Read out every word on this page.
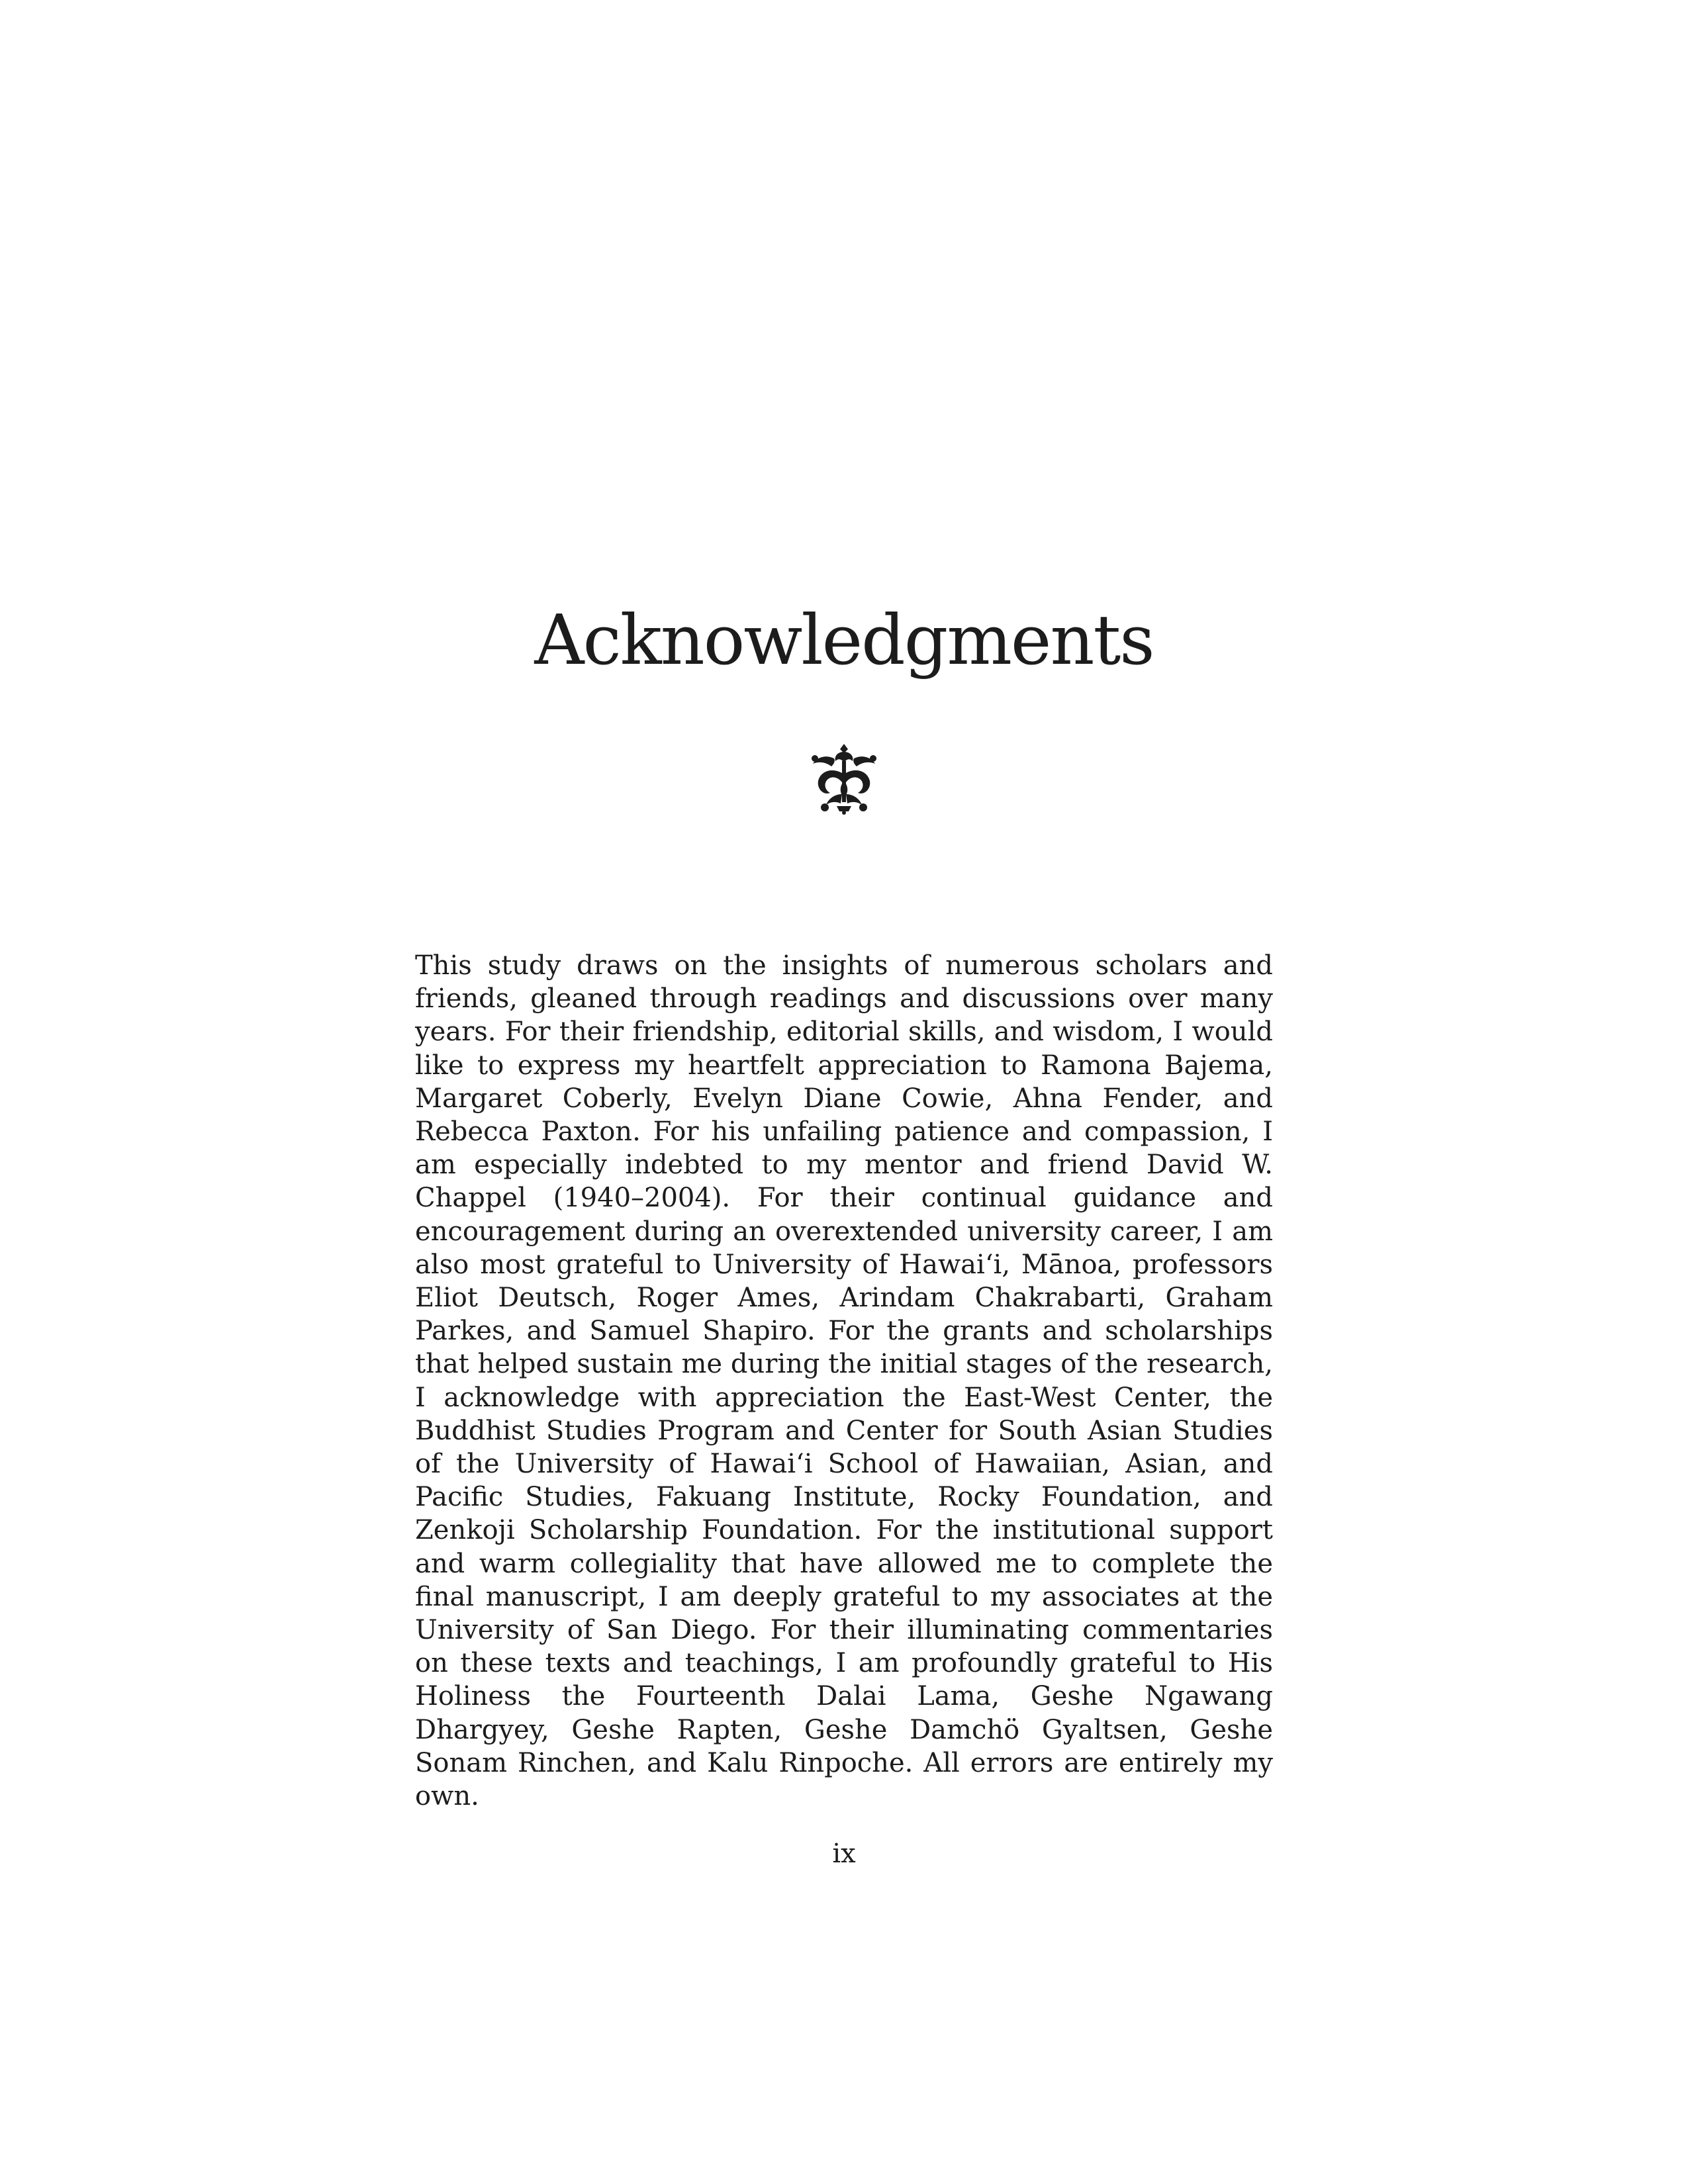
Acknowledgments

This study draws on the insights of numerous scholars and friends, gleaned through readings and discussions over many years. For their friendship, editorial skills, and wisdom, I would like to express my heartfelt appreciation to Ramona Bajema, Margaret Coberly, Evelyn Diane Cowie, Ahna Fender, and Rebecca Paxton. For his unfailing patience and compassion, I am especially indebted to my mentor and friend David W. Chappel (1940–2004). For their continual guidance and encouragement during an overextended university career, I am also most grateful to University of Hawaiʻi, Mānoa, professors Eliot Deutsch, Roger Ames, Arindam Chakrabarti, Graham Parkes, and Samuel Shapiro. For the grants and scholarships that helped sustain me during the initial stages of the research, I acknowledge with appreciation the East-West Center, the Buddhist Studies Program and Center for South Asian Studies of the University of Hawaiʻi School of Hawaiian, Asian, and Pacific Studies, Fakuang Institute, Rocky Foundation, and Zenkoji Scholarship Foundation. For the institutional support and warm collegiality that have allowed me to complete the final manuscript, I am deeply grateful to my associates at the University of San Diego. For their illuminating commentaries on these texts and teachings, I am profoundly grateful to His Holiness the Fourteenth Dalai Lama, Geshe Ngawang Dhargyey, Geshe Rapten, Geshe Damchö Gyaltsen, Geshe Sonam Rinchen, and Kalu Rinpoche. All errors are entirely my own.

ix
